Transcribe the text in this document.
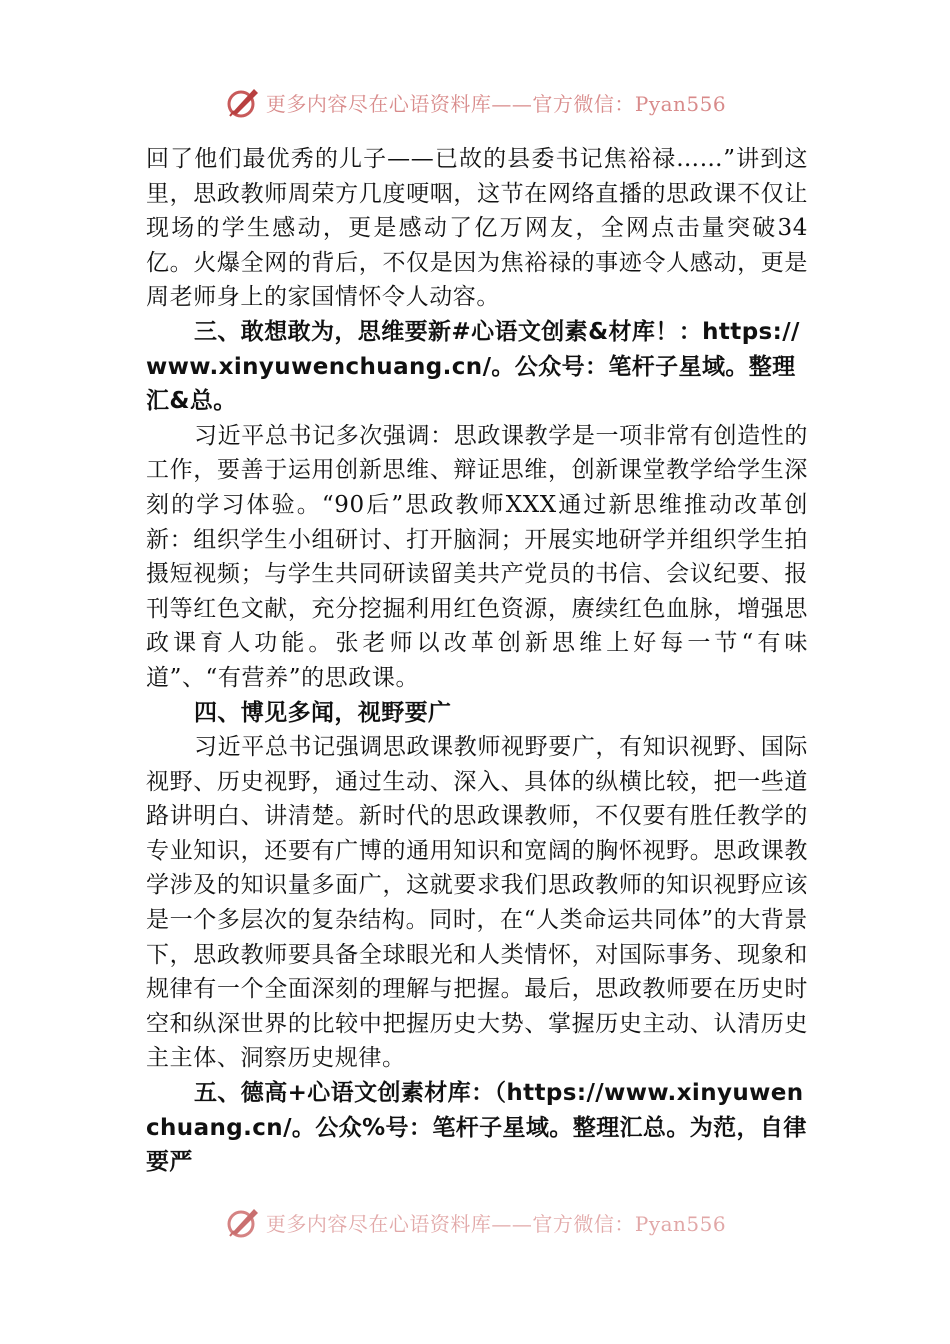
更多内容尽在心语资料库——官方微信：Pyan556

回了他们最优秀的儿子——已故的县委书记焦裕禄……”讲到这里，思政教师周荣方几度哽咽，这节在网络直播的思政课不仅让现场的学生感动，更是感动了亿万网友，全网点击量突破34亿。火爆全网的背后，不仅是因为焦裕禄的事迹令人感动，更是周老师身上的家国情怀令人动容。

三、敢想敢为，思维要新#心语文创素&材库！：https://www.xinyuwenchuang.cn/。公众号：笔杆子星域。整理汇&总。

习近平总书记多次强调：思政课教学是一项非常有创造性的工作，要善于运用创新思维、辩证思维，创新课堂教学给学生深刻的学习体验。“90后”思政教师XXX通过新思维推动改革创新：组织学生小组研讨、打开脑洞；开展实地研学并组织学生拍摄短视频；与学生共同研读留美共产党员的书信、会议纪要、报刊等红色文献，充分挖掘利用红色资源，赓续红色血脉，增强思政课育人功能。张老师以改革创新思维上好每一节“有味道”、“有营养”的思政课。

四、博见多闻，视野要广

习近平总书记强调思政课教师视野要广，有知识视野、国际视野、历史视野，通过生动、深入、具体的纵横比较，把一些道路讲明白、讲清楚。新时代的思政课教师，不仅要有胜任教学的专业知识，还要有广博的通用知识和宽阔的胸怀视野。思政课教学涉及的知识量多面广，这就要求我们思政教师的知识视野应该是一个多层次的复杂结构。同时，在“人类命运共同体”的大背景下，思政教师要具备全球眼光和人类情怀，对国际事务、现象和规律有一个全面深刻的理解与把握。最后，思政教师要在历史时空和纵深世界的比较中把握历史大势、掌握历史主动、认清历史主主体、洞察历史规律。

五、德高+心语文创素材库：（https://www.xinyuwenchuang.cn/。公众%号：笔杆子星域。整理汇总。为范，自律要严

更多内容尽在心语资料库——官方微信：Pyan556
